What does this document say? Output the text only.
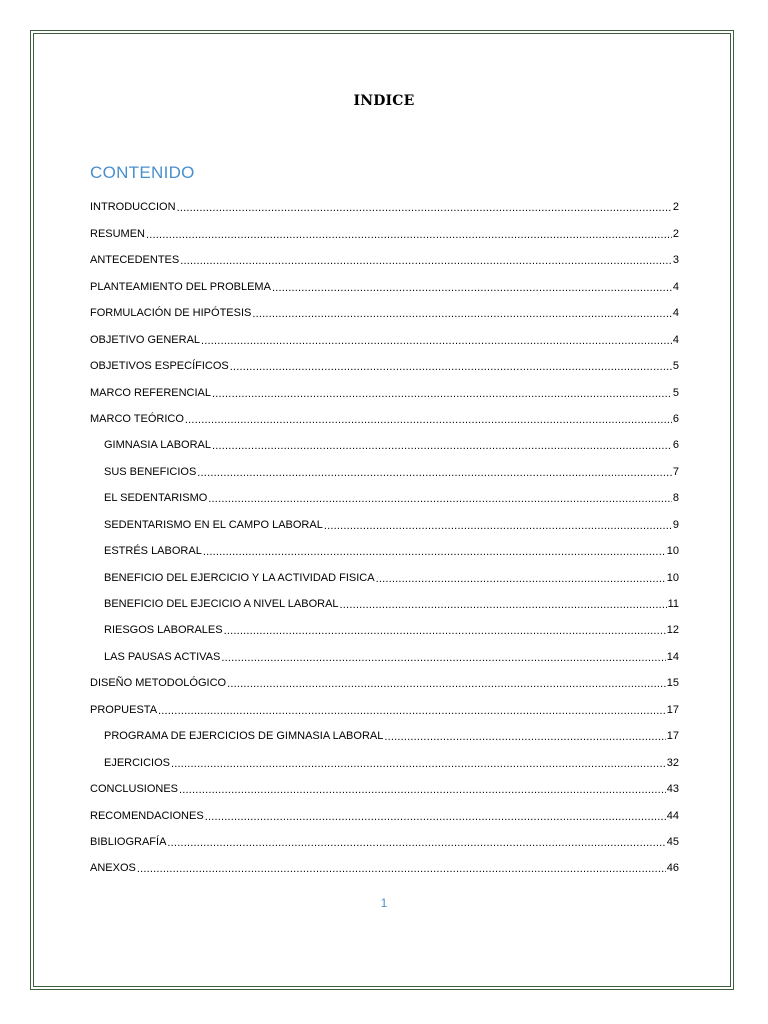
INDICE
CONTENIDO
INTRODUCCION .....	2
RESUMEN .....	2
ANTECEDENTES .....	3
PLANTEAMIENTO DEL PROBLEMA .....	4
FORMULACIÓN DE HIPÓTESIS .....	4
OBJETIVO GENERAL .....	4
OBJETIVOS ESPECÍFICOS .....	5
MARCO REFERENCIAL .....	5
MARCO TEÓRICO .....	6
GIMNASIA LABORAL .....	6
SUS BENEFICIOS .....	7
EL SEDENTARISMO .....	8
SEDENTARISMO EN EL CAMPO LABORAL .....	9
ESTRÉS LABORAL .....	10
BENEFICIO DEL EJERCICIO Y LA ACTIVIDAD FISICA .....	10
BENEFICIO DEL EJECICIO A NIVEL LABORAL .....	11
RIESGOS LABORALES .....	12
LAS PAUSAS ACTIVAS .....	14
DISEÑO METODOLÓGICO .....	15
PROPUESTA .....	17
PROGRAMA DE EJERCICIOS DE GIMNASIA LABORAL .....	17
EJERCICIOS .....	32
CONCLUSIONES .....	43
RECOMENDACIONES .....	44
BIBLIOGRAFÍA .....	45
ANEXOS .....	46
1
